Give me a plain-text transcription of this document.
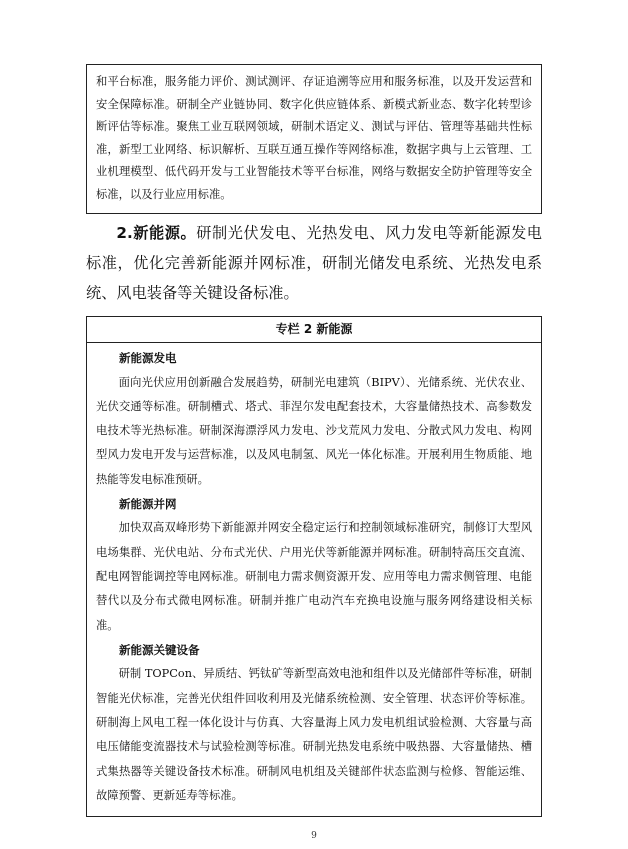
和平台标准，服务能力评价、测试测评、存证追溯等应用和服务标准，以及开发运营和安全保障标准。研制全产业链协同、数字化供应链体系、新模式新业态、数字化转型诊断评估等标准。聚焦工业互联网领域，研制术语定义、测试与评估、管理等基础共性标准，新型工业网络、标识解析、互联互通互操作等网络标准，数据字典与上云管理、工业机理模型、低代码开发与工业智能技术等平台标准，网络与数据安全防护管理等安全标准，以及行业应用标准。

2.新能源。研制光伏发电、光热发电、风力发电等新能源发电标准，优化完善新能源并网标准，研制光储发电系统、光热发电系统、风电装备等关键设备标准。

专栏 2 新能源
新能源发电

面向光伏应用创新融合发展趋势，研制光电建筑（BIPV）、光储系统、光伏农业、光伏交通等标准。研制槽式、塔式、菲涅尔发电配套技术，大容量储热技术、高参数发电技术等光热标准。研制深海漂浮风力发电、沙戈荒风力发电、分散式风力发电、构网型风力发电开发与运营标准，以及风电制氢、风光一体化标准。开展利用生物质能、地热能等发电标准预研。

新能源并网

加快双高双峰形势下新能源并网安全稳定运行和控制领域标准研究，制修订大型风电场集群、光伏电站、分布式光伏、户用光伏等新能源并网标准。研制特高压交直流、配电网智能调控等电网标准。研制电力需求侧资源开发、应用等电力需求侧管理、电能替代以及分布式微电网标准。研制并推广电动汽车充换电设施与服务网络建设相关标准。

新能源关键设备

研制 TOPCon、异质结、钙钛矿等新型高效电池和组件以及光储部件等标准，研制智能光伏标准，完善光伏组件回收利用及光储系统检测、安全管理、状态评价等标准。研制海上风电工程一体化设计与仿真、大容量海上风力发电机组试验检测、大容量与高电压储能变流器技术与试验检测等标准。研制光热发电系统中吸热器、大容量储热、槽式集热器等关键设备技术标准。研制风电机组及关键部件状态监测与检修、智能运维、故障预警、更新延寿等标准。

9
